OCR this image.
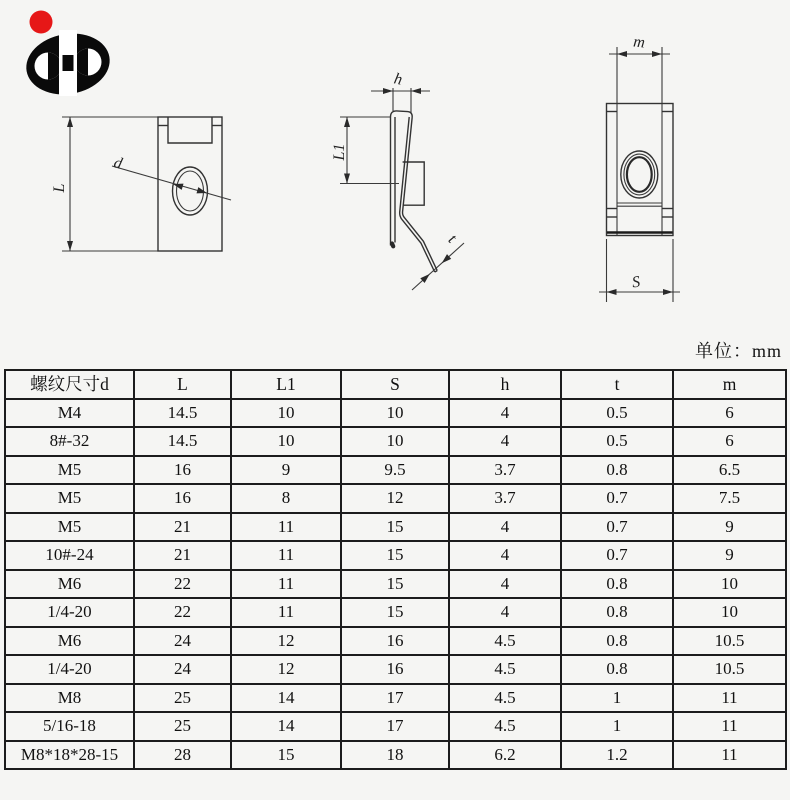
L
d
h
L1
t
m
S
单位：mm
螺纹尺寸d	L	L1	S	h	t	m
M4	14.5	10	10	4	0.5	6
8#-32	14.5	10	10	4	0.5	6
M5	16	9	9.5	3.7	0.8	6.5
M5	16	8	12	3.7	0.7	7.5
M5	21	11	15	4	0.7	9
10#-24	21	11	15	4	0.7	9
M6	22	11	15	4	0.8	10
1/4-20	22	11	15	4	0.8	10
M6	24	12	16	4.5	0.8	10.5
1/4-20	24	12	16	4.5	0.8	10.5
M8	25	14	17	4.5	1	11
5/16-18	25	14	17	4.5	1	11
M8*18*28-15	28	15	18	6.2	1.2	11
